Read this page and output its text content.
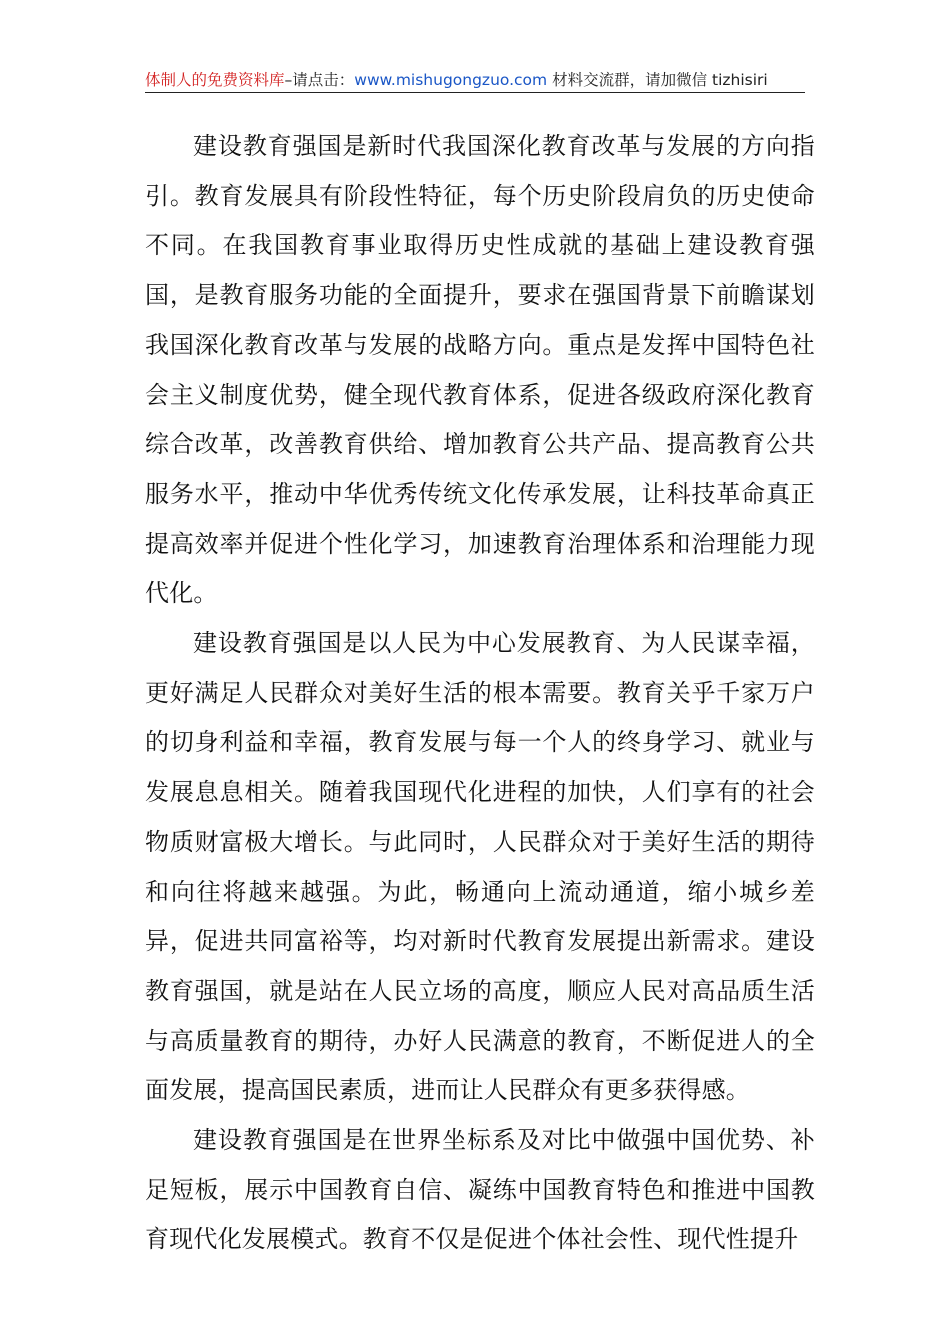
体制人的免费资料库–请点击：www.mishugongzuo.com 材料交流群，请加微信 tizhisiri

建设教育强国是新时代我国深化教育改革与发展的方向指引。教育发展具有阶段性特征，每个历史阶段肩负的历史使命不同。在我国教育事业取得历史性成就的基础上建设教育强国，是教育服务功能的全面提升，要求在强国背景下前瞻谋划我国深化教育改革与发展的战略方向。重点是发挥中国特色社会主义制度优势，健全现代教育体系，促进各级政府深化教育综合改革，改善教育供给、增加教育公共产品、提高教育公共服务水平，推动中华优秀传统文化传承发展，让科技革命真正提高效率并促进个性化学习，加速教育治理体系和治理能力现代化。

建设教育强国是以人民为中心发展教育、为人民谋幸福，更好满足人民群众对美好生活的根本需要。教育关乎千家万户的切身利益和幸福，教育发展与每一个人的终身学习、就业与发展息息相关。随着我国现代化进程的加快，人们享有的社会物质财富极大增长。与此同时，人民群众对于美好生活的期待和向往将越来越强。为此，畅通向上流动通道，缩小城乡差异，促进共同富裕等，均对新时代教育发展提出新需求。建设教育强国，就是站在人民立场的高度，顺应人民对高品质生活与高质量教育的期待，办好人民满意的教育，不断促进人的全面发展，提高国民素质，进而让人民群众有更多获得感。

建设教育强国是在世界坐标系及对比中做强中国优势、补足短板，展示中国教育自信、凝练中国教育特色和推进中国教育现代化发展模式。教育不仅是促进个体社会性、现代性提升
